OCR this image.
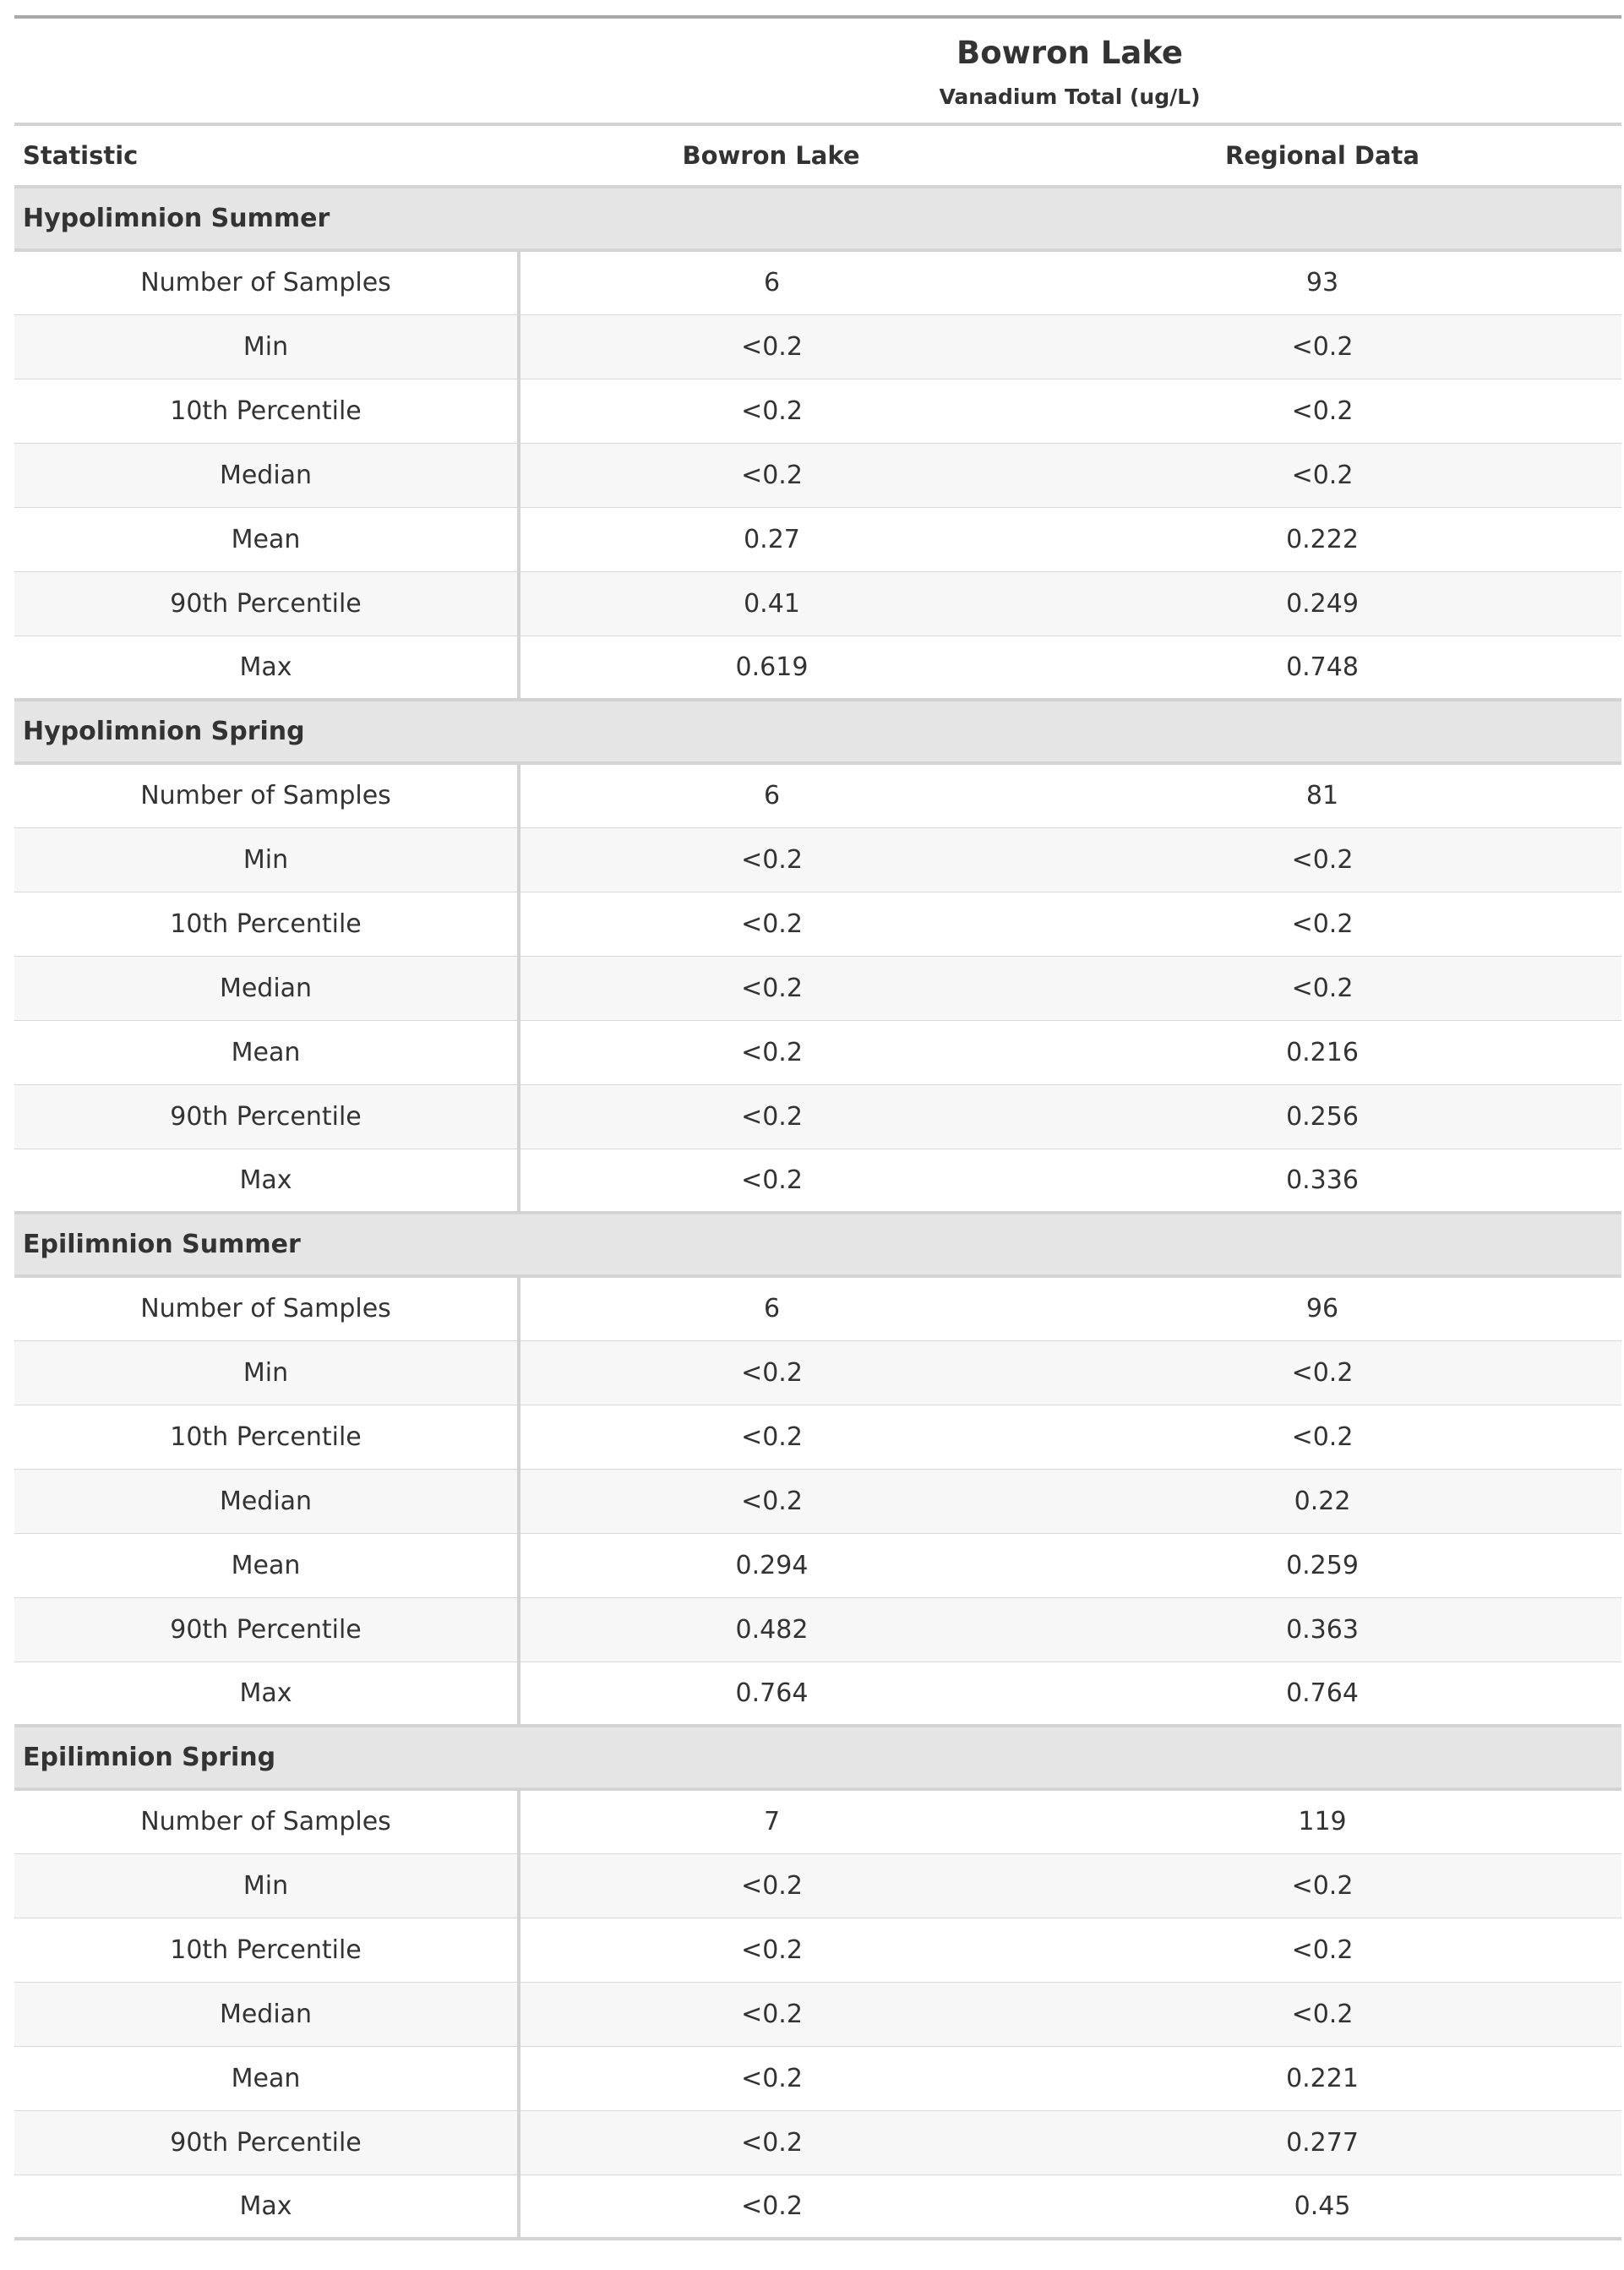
Bowron Lake
Vanadium Total (ug/L)		

Statistic	Bowron Lake	Regional Data
Hypolimnion Summer		
Number of Samples	6	93
Min	<0.2	<0.2
10th Percentile	<0.2	<0.2
Median	<0.2	<0.2
Mean	0.27	0.222
90th Percentile	0.41	0.249
Max	0.619	0.748
Hypolimnion Spring		
Number of Samples	6	81
Min	<0.2	<0.2
10th Percentile	<0.2	<0.2
Median	<0.2	<0.2
Mean	<0.2	0.216
90th Percentile	<0.2	0.256
Max	<0.2	0.336
Epilimnion Summer		
Number of Samples	6	96
Min	<0.2	<0.2
10th Percentile	<0.2	<0.2
Median	<0.2	0.22
Mean	0.294	0.259
90th Percentile	0.482	0.363
Max	0.764	0.764
Epilimnion Spring		
Number of Samples	7	119
Min	<0.2	<0.2
10th Percentile	<0.2	<0.2
Median	<0.2	<0.2
Mean	<0.2	0.221
90th Percentile	<0.2	0.277
Max	<0.2	0.45
